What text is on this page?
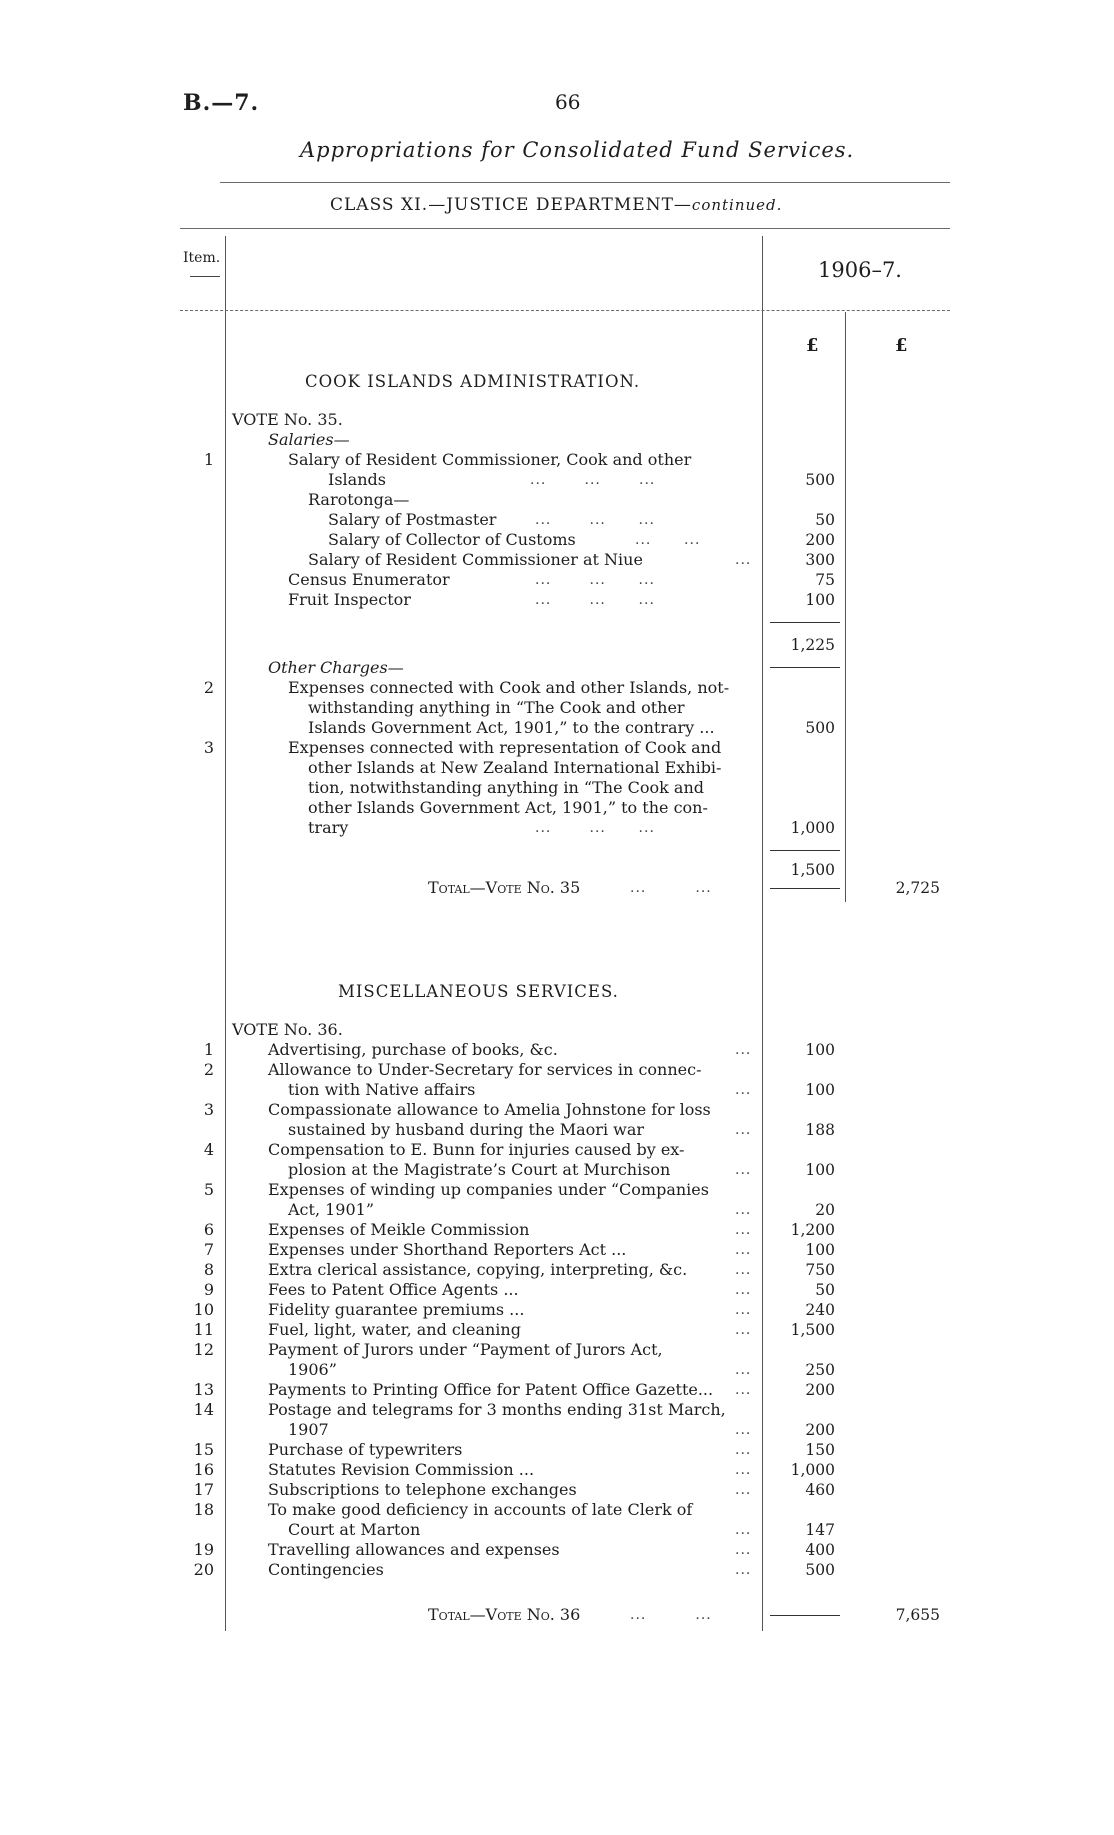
B.—7.	66
Appropriations for Consolidated Fund Services.
CLASS XI.—JUSTICE DEPARTMENT—continued.
Item.	1906–7.
£	£
COOK ISLANDS ADMINISTRATION.
VOTE No. 35.
Salaries—
1	Salary of Resident Commissioner, Cook and other
Islands	...       ...       ...	500
Rarotonga—
Salary of Postmaster	...       ...      ...	50
Salary of Collector of Customs	...      ...	200
Salary of Resident Commissioner at Niue	...	300
Census Enumerator	...       ...      ...	75
Fruit Inspector	...       ...      ...	100
1,225
Other Charges—
2	Expenses connected with Cook and other Islands, not-
withstanding anything in “The Cook and other
Islands Government Act, 1901,” to the contrary ...	500
3	Expenses connected with representation of Cook and
other Islands at New Zealand International Exhibi-
tion, notwithstanding anything in “The Cook and
other Islands Government Act, 1901,” to the con-
trary	...       ...      ...	1,000
1,500
Total—Vote No. 35	...         ...	2,725
MISCELLANEOUS SERVICES.
VOTE No. 36.
1	Advertising, purchase of books, &c.	100
...
2	Allowance to Under-Secretary for services in connec-
tion with Native affairs	100
...
3	Compassionate allowance to Amelia Johnstone for loss
sustained by husband during the Maori war	188
...
4	Compensation to E. Bunn for injuries caused by ex-
plosion at the Magistrate’s Court at Murchison	100
...
5	Expenses of winding up companies under “Companies
Act, 1901”	20
...
6	Expenses of Meikle Commission	1,200
...
7	Expenses under Shorthand Reporters Act ...	100
...
8	Extra clerical assistance, copying, interpreting, &c.	750
...
9	Fees to Patent Office Agents ...	50
...
10	Fidelity guarantee premiums ...	240
...
11	Fuel, light, water, and cleaning	1,500
...
12	Payment of Jurors under “Payment of Jurors Act,
1906”	250
...
13	Payments to Printing Office for Patent Office Gazette...	200
...
14	Postage and telegrams for 3 months ending 31st March,
1907	200
...
15	Purchase of typewriters	150
...
16	Statutes Revision Commission ...	1,000
...
17	Subscriptions to telephone exchanges	460
...
18	To make good deficiency in accounts of late Clerk of
Court at Marton	147
...
19	Travelling allowances and expenses	400
...
20	Contingencies	500
...
Total—Vote No. 36	...         ...	7,655
